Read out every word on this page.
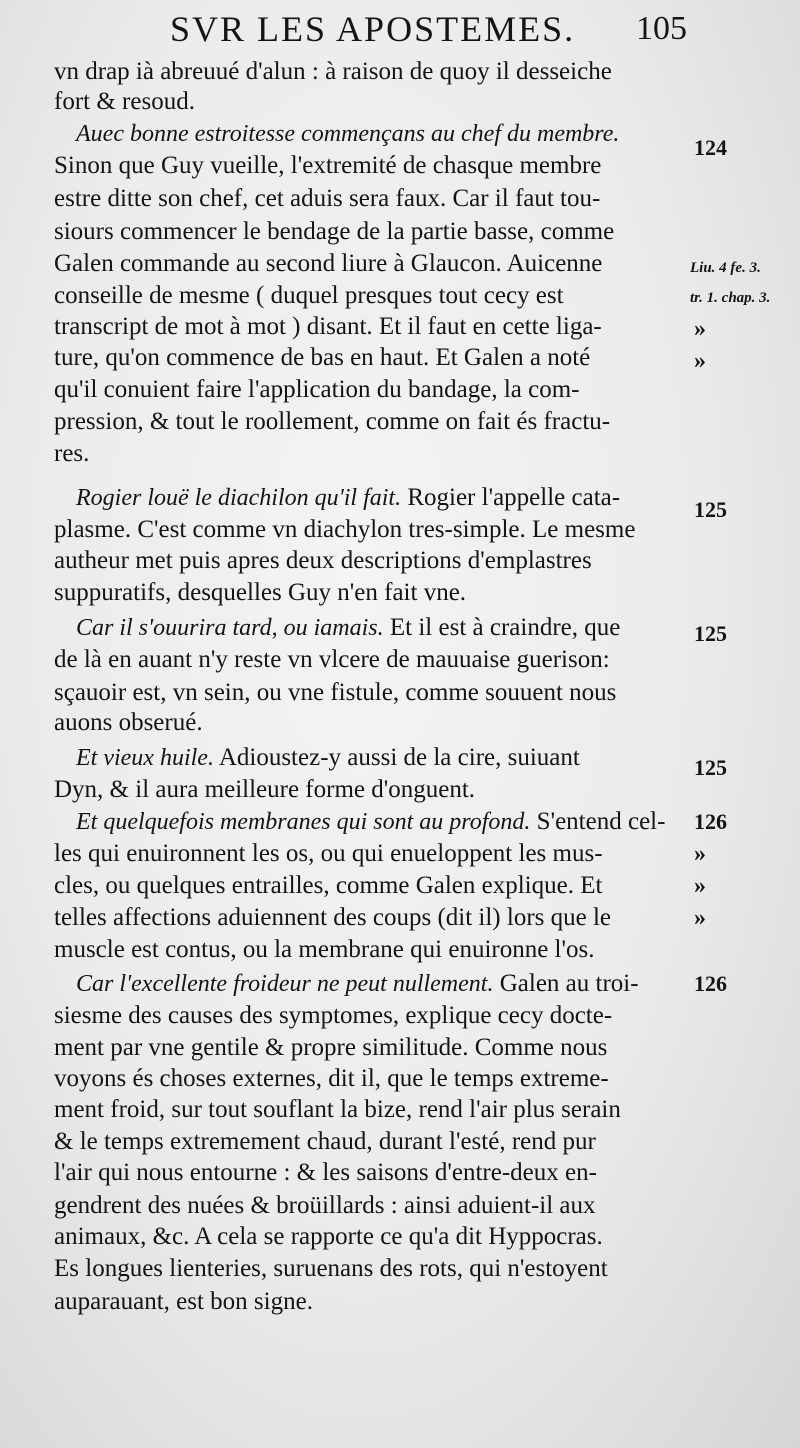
SVR LES APOSTEMES. 105
vn drap ià abreuué d'alun : à raison de quoy il desseiche
fort & resoud.
Auec bonne estroitesse commençans au chef du membre.
Sinon que Guy vueille, l'extremité de chasque membre
estre ditte son chef, cet aduis sera faux. Car il faut tou-
siours commencer le bendage de la partie basse, comme
Galen commande au second liure à Glaucon. Auicenne
conseille de mesme ( duquel presques tout cecy est
transcript de mot à mot ) disant. Et il faut en cette liga-
ture, qu'on commence de bas en haut. Et Galen a noté
qu'il conuient faire l'application du bandage, la com-
pression, & tout le roollement, comme on fait és fractu-
res.
Rogier louë le diachilon qu'il fait. Rogier l'appelle cata-
plasme. C'est comme vn diachylon tres-simple. Le mesme
autheur met puis apres deux descriptions d'emplastres
suppuratifs, desquelles Guy n'en fait vne.
Car il s'ouurira tard, ou iamais. Et il est à craindre, que
de là en auant n'y reste vn vlcere de mauuaise guerison:
sçauoir est, vn sein, ou vne fistule, comme souuent nous
auons obserué.
Et vieux huile. Adioustez-y aussi de la cire, suiuant
Dyn, & il aura meilleure forme d'onguent.
Et quelquefois membranes qui sont au profond. S'entend cel-
les qui enuironnent les os, ou qui enueloppent les mus-
cles, ou quelques entrailles, comme Galen explique. Et
telles affections aduiennent des coups (dit il) lors que le
muscle est contus, ou la membrane qui enuironne l'os.
Car l'excellente froideur ne peut nullement. Galen au troi-
siesme des causes des symptomes, explique cecy docte-
ment par vne gentile & propre similitude. Comme nous
voyons és choses externes, dit il, que le temps extreme-
ment froid, sur tout souflant la bize, rend l'air plus serain
& le temps extremement chaud, durant l'esté, rend pur
l'air qui nous entourne : & les saisons d'entre-deux en-
gendrent des nuées & broüillards : ainsi aduient-il aux
animaux, &c. A cela se rapporte ce qu'a dit Hyppocras.
Es longues lienteries, suruenans des rots, qui n'estoyent
auparauant, est bon signe.
124
125
125
125
126
126
Liu. 4 fe. 3.
tr. 1. chap. 3.
»
»
»
»
»
